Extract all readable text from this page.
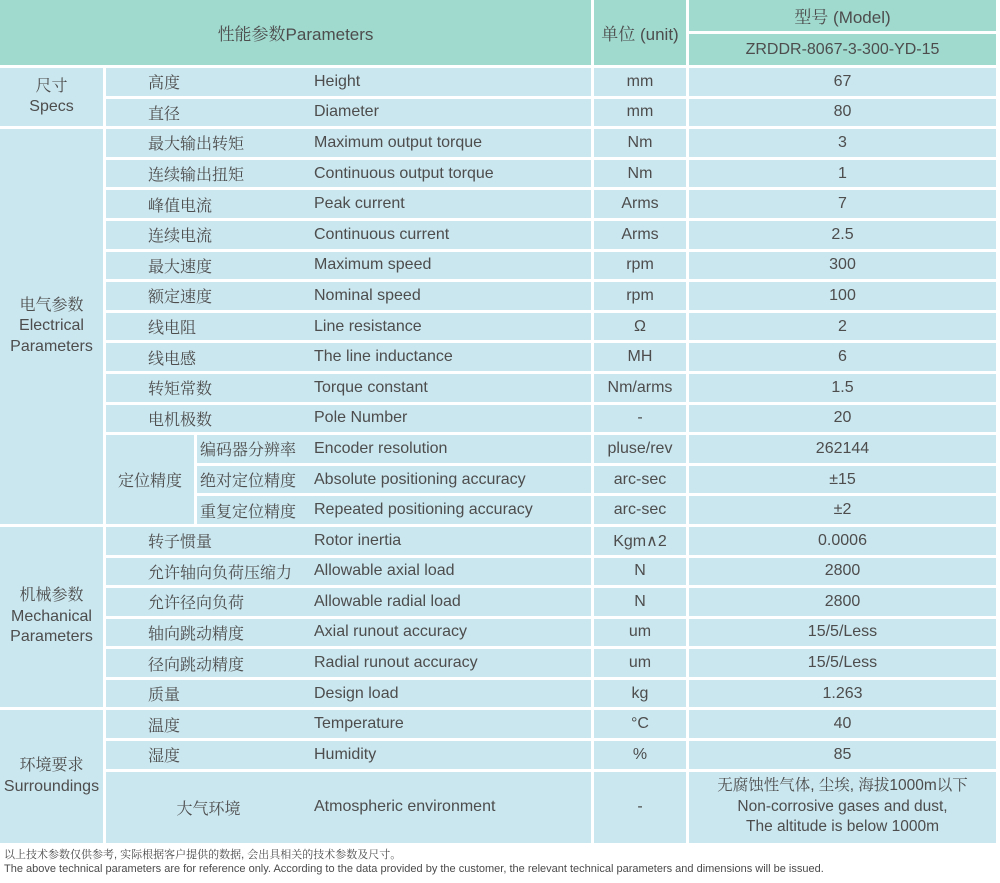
性能参数Parameters	单位 (unit)
型号 (Model)
ZRDDR-8067-3-300-YD-15
尺寸
Specs
高度	Height	mm	67
直径	Diameter	mm	80
电气参数
Electrical Parameters
最大输出转矩	Maximum output torque	Nm	3
连续输出扭矩	Continuous output torque	Nm	1
峰值电流	Peak current	Arms	7
连续电流	Continuous current	Arms	2.5
最大速度	Maximum speed	rpm	300
额定速度	Nominal speed	rpm	100
线电阻	Line resistance	Ω	2
线电感	The line inductance	MH	6
转矩常数	Torque constant	Nm/arms	1.5
电机极数	Pole Number	-	20
定位精度
编码器分辨率	Encoder resolution	pluse/rev	262144
绝对定位精度	Absolute positioning accuracy	arc-sec	±15
重复定位精度	Repeated positioning accuracy	arc-sec	±2
机械参数
Mechanical Parameters
转子惯量	Rotor inertia	Kgm∧2	0.0006
允许轴向负荷压缩力	Allowable axial load	N	2800
允许径向负荷	Allowable radial load	N	2800
轴向跳动精度	Axial runout accuracy	um	15/5/Less
径向跳动精度	Radial runout accuracy	um	15/5/Less
质量	Design load	kg	1.263
环境要求
Surroundings
温度	Temperature	°C	40
湿度	Humidity	%	85
大气环境	Atmospheric environment	-
无腐蚀性气体, 尘埃, 海拔1000m以下
Non-corrosive gases and dust,
The altitude is below 1000m
以上技术参数仅供参考, 实际根据客户提供的数据, 会出具相关的技术参数及尺寸。
The above technical parameters are for reference only. According to the data provided by the customer, the relevant technical parameters and dimensions will be issued.
